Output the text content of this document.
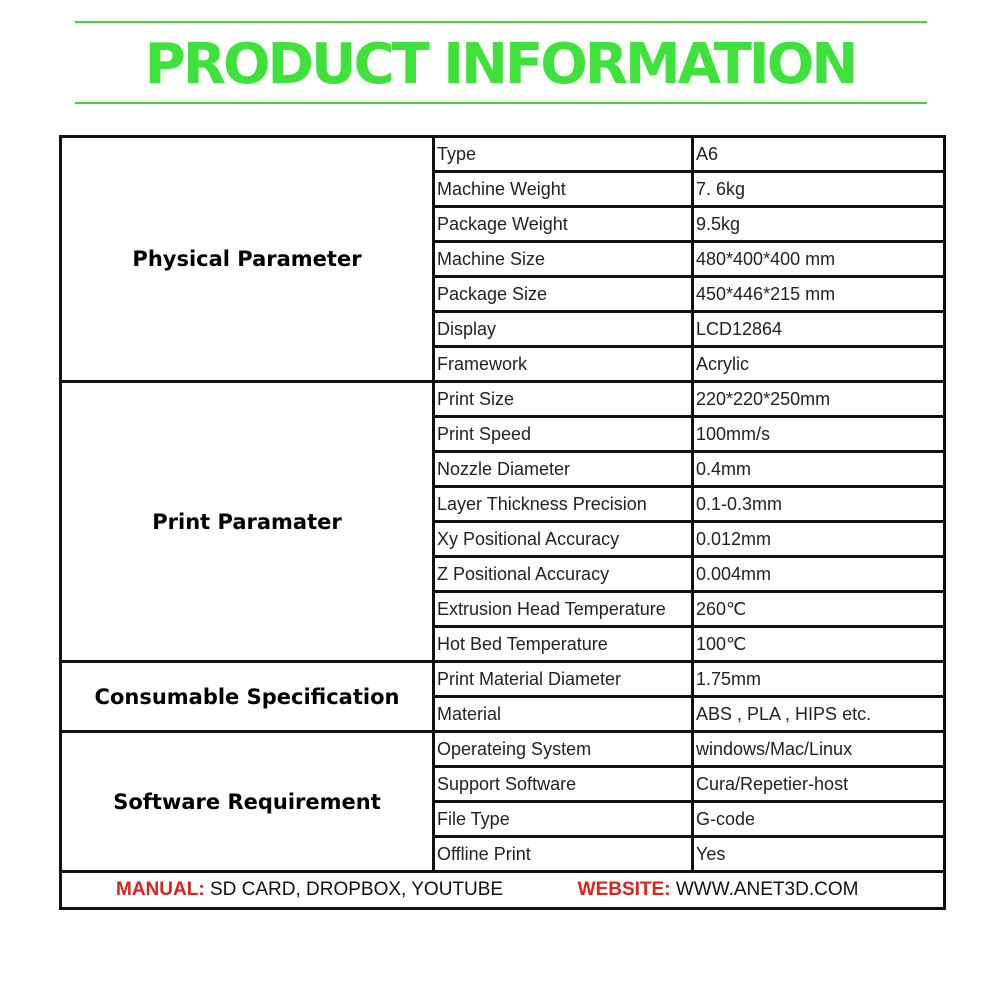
PRODUCT INFORMATION
Physical Parameter	Type	A6
	Machine Weight	7. 6kg
	Package Weight	9.5kg
	Machine Size	480*400*400 mm
	Package Size	450*446*215 mm
	Display	LCD12864
	Framework	Acrylic
Print Paramater	Print Size	220*220*250mm
	Print Speed	100mm/s
	Nozzle Diameter	0.4mm
	Layer Thickness Precision	0.1-0.3mm
	Xy Positional Accuracy	0.012mm
	Z Positional Accuracy	0.004mm
	Extrusion Head Temperature	260℃
	Hot Bed Temperature	100℃
Consumable Specification	Print Material Diameter	1.75mm
	Material	ABS , PLA , HIPS etc.
Software Requirement	Operateing System	windows/Mac/Linux
	Support Software	Cura/Repetier-host
	File Type	G-code
	Offline Print	Yes
MANUAL: SD CARD, DROPBOX, YOUTUBE WEBSITE: WWW.ANET3D.COM		
